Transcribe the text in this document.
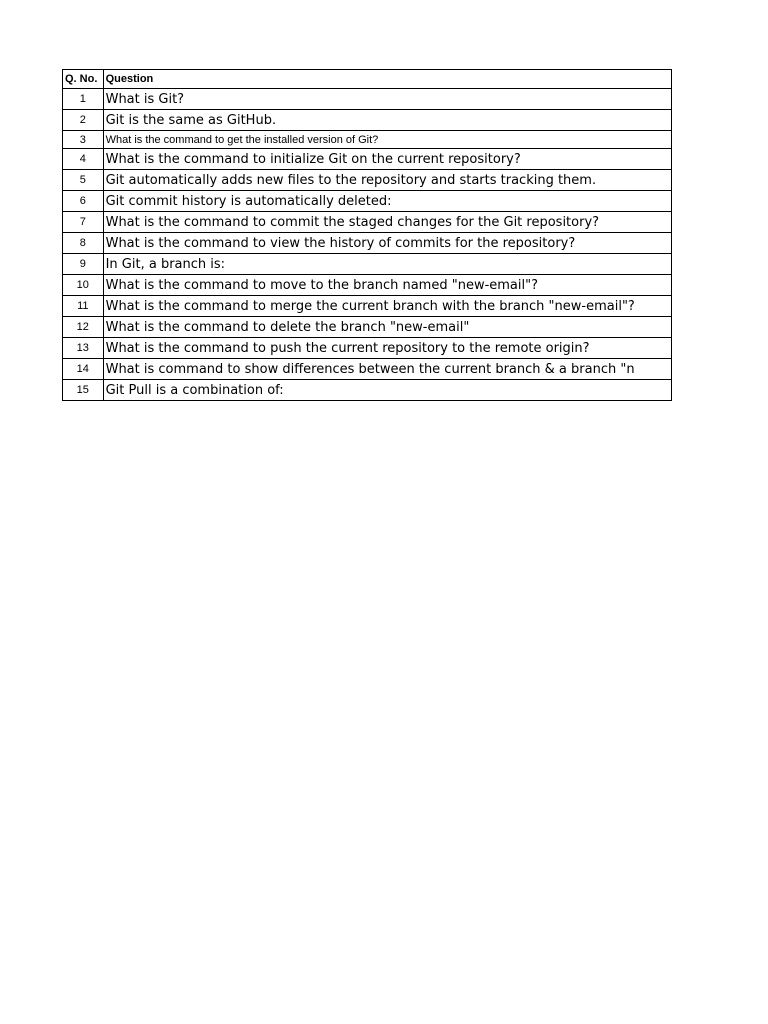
Q. No.	Question
1	What is Git?
2	Git is the same as GitHub.
3	What is the command to get the installed version of Git?
4	What is the command to initialize Git on the current repository?
5	Git automatically adds new files to the repository and starts tracking them.
6	Git commit history is automatically deleted:
7	What is the command to commit the staged changes for the Git repository?
8	What is the command to view the history of commits for the repository?
9	In Git, a branch is:
10	What is the command to move to the branch named "new-email"?
11	What is the command to merge the current branch with the branch "new-email"?
12	What is the command to delete the branch "new-email"
13	What is the command to push the current repository to the remote origin?
14	What is command to show differences between the current branch & a branch "n
15	Git Pull is a combination of:
